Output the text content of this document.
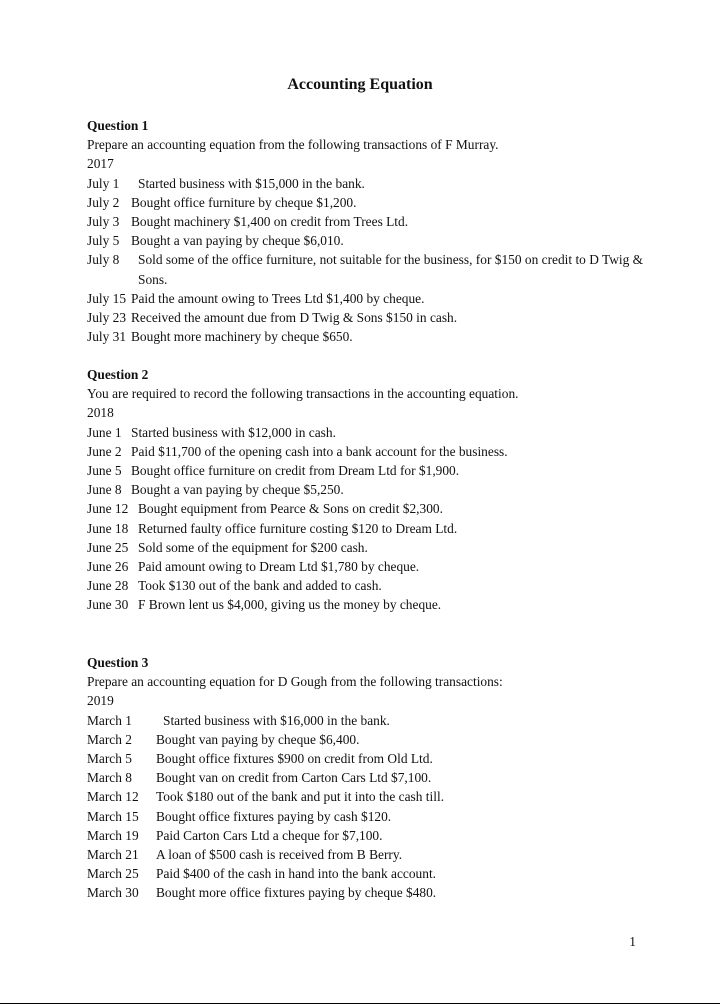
Accounting Equation
Question 1
Prepare an accounting equation from the following transactions of F Murray.
2017
July 1	Started business with $15,000 in the bank.
July 2 Bought office furniture by cheque $1,200.
July 3 Bought machinery $1,400 on credit from Trees Ltd.
July 5 Bought a van paying by cheque $6,010.
July 8	Sold some of the office furniture, not suitable for the business, for $150 on credit to D Twig & Sons.
July 15 Paid the amount owing to Trees Ltd $1,400 by cheque.
July 23 Received the amount due from D Twig & Sons $150 in cash.
July 31 Bought more machinery by cheque $650.
Question 2
You are required to record the following transactions in the accounting equation.
2018
June 1 Started business with $12,000 in cash.
June 2 Paid $11,700 of the opening cash into a bank account for the business.
June 5 Bought office furniture on credit from Dream Ltd for $1,900.
June 8 Bought a van paying by cheque $5,250.
June 12 Bought equipment from Pearce & Sons on credit $2,300.
June 18 Returned faulty office furniture costing $120 to Dream Ltd.
June 25 Sold some of the equipment for $200 cash.
June 26 Paid amount owing to Dream Ltd $1,780 by cheque.
June 28 Took $130 out of the bank and added to cash.
June 30 F Brown lent us $4,000, giving us the money by cheque.
Question 3
Prepare an accounting equation for D Gough from the following transactions:
2019
March 1	Started business with $16,000 in the bank.
March 2	Bought van paying by cheque $6,400.
March 5	Bought office fixtures $900 on credit from Old Ltd.
March 8	Bought van on credit from Carton Cars Ltd $7,100.
March 12	Took $180 out of the bank and put it into the cash till.
March 15	Bought office fixtures paying by cash $120.
March 19	Paid Carton Cars Ltd a cheque for $7,100.
March 21	A loan of $500 cash is received from B Berry.
March 25	Paid $400 of the cash in hand into the bank account.
March 30	Bought more office fixtures paying by cheque $480.
1
